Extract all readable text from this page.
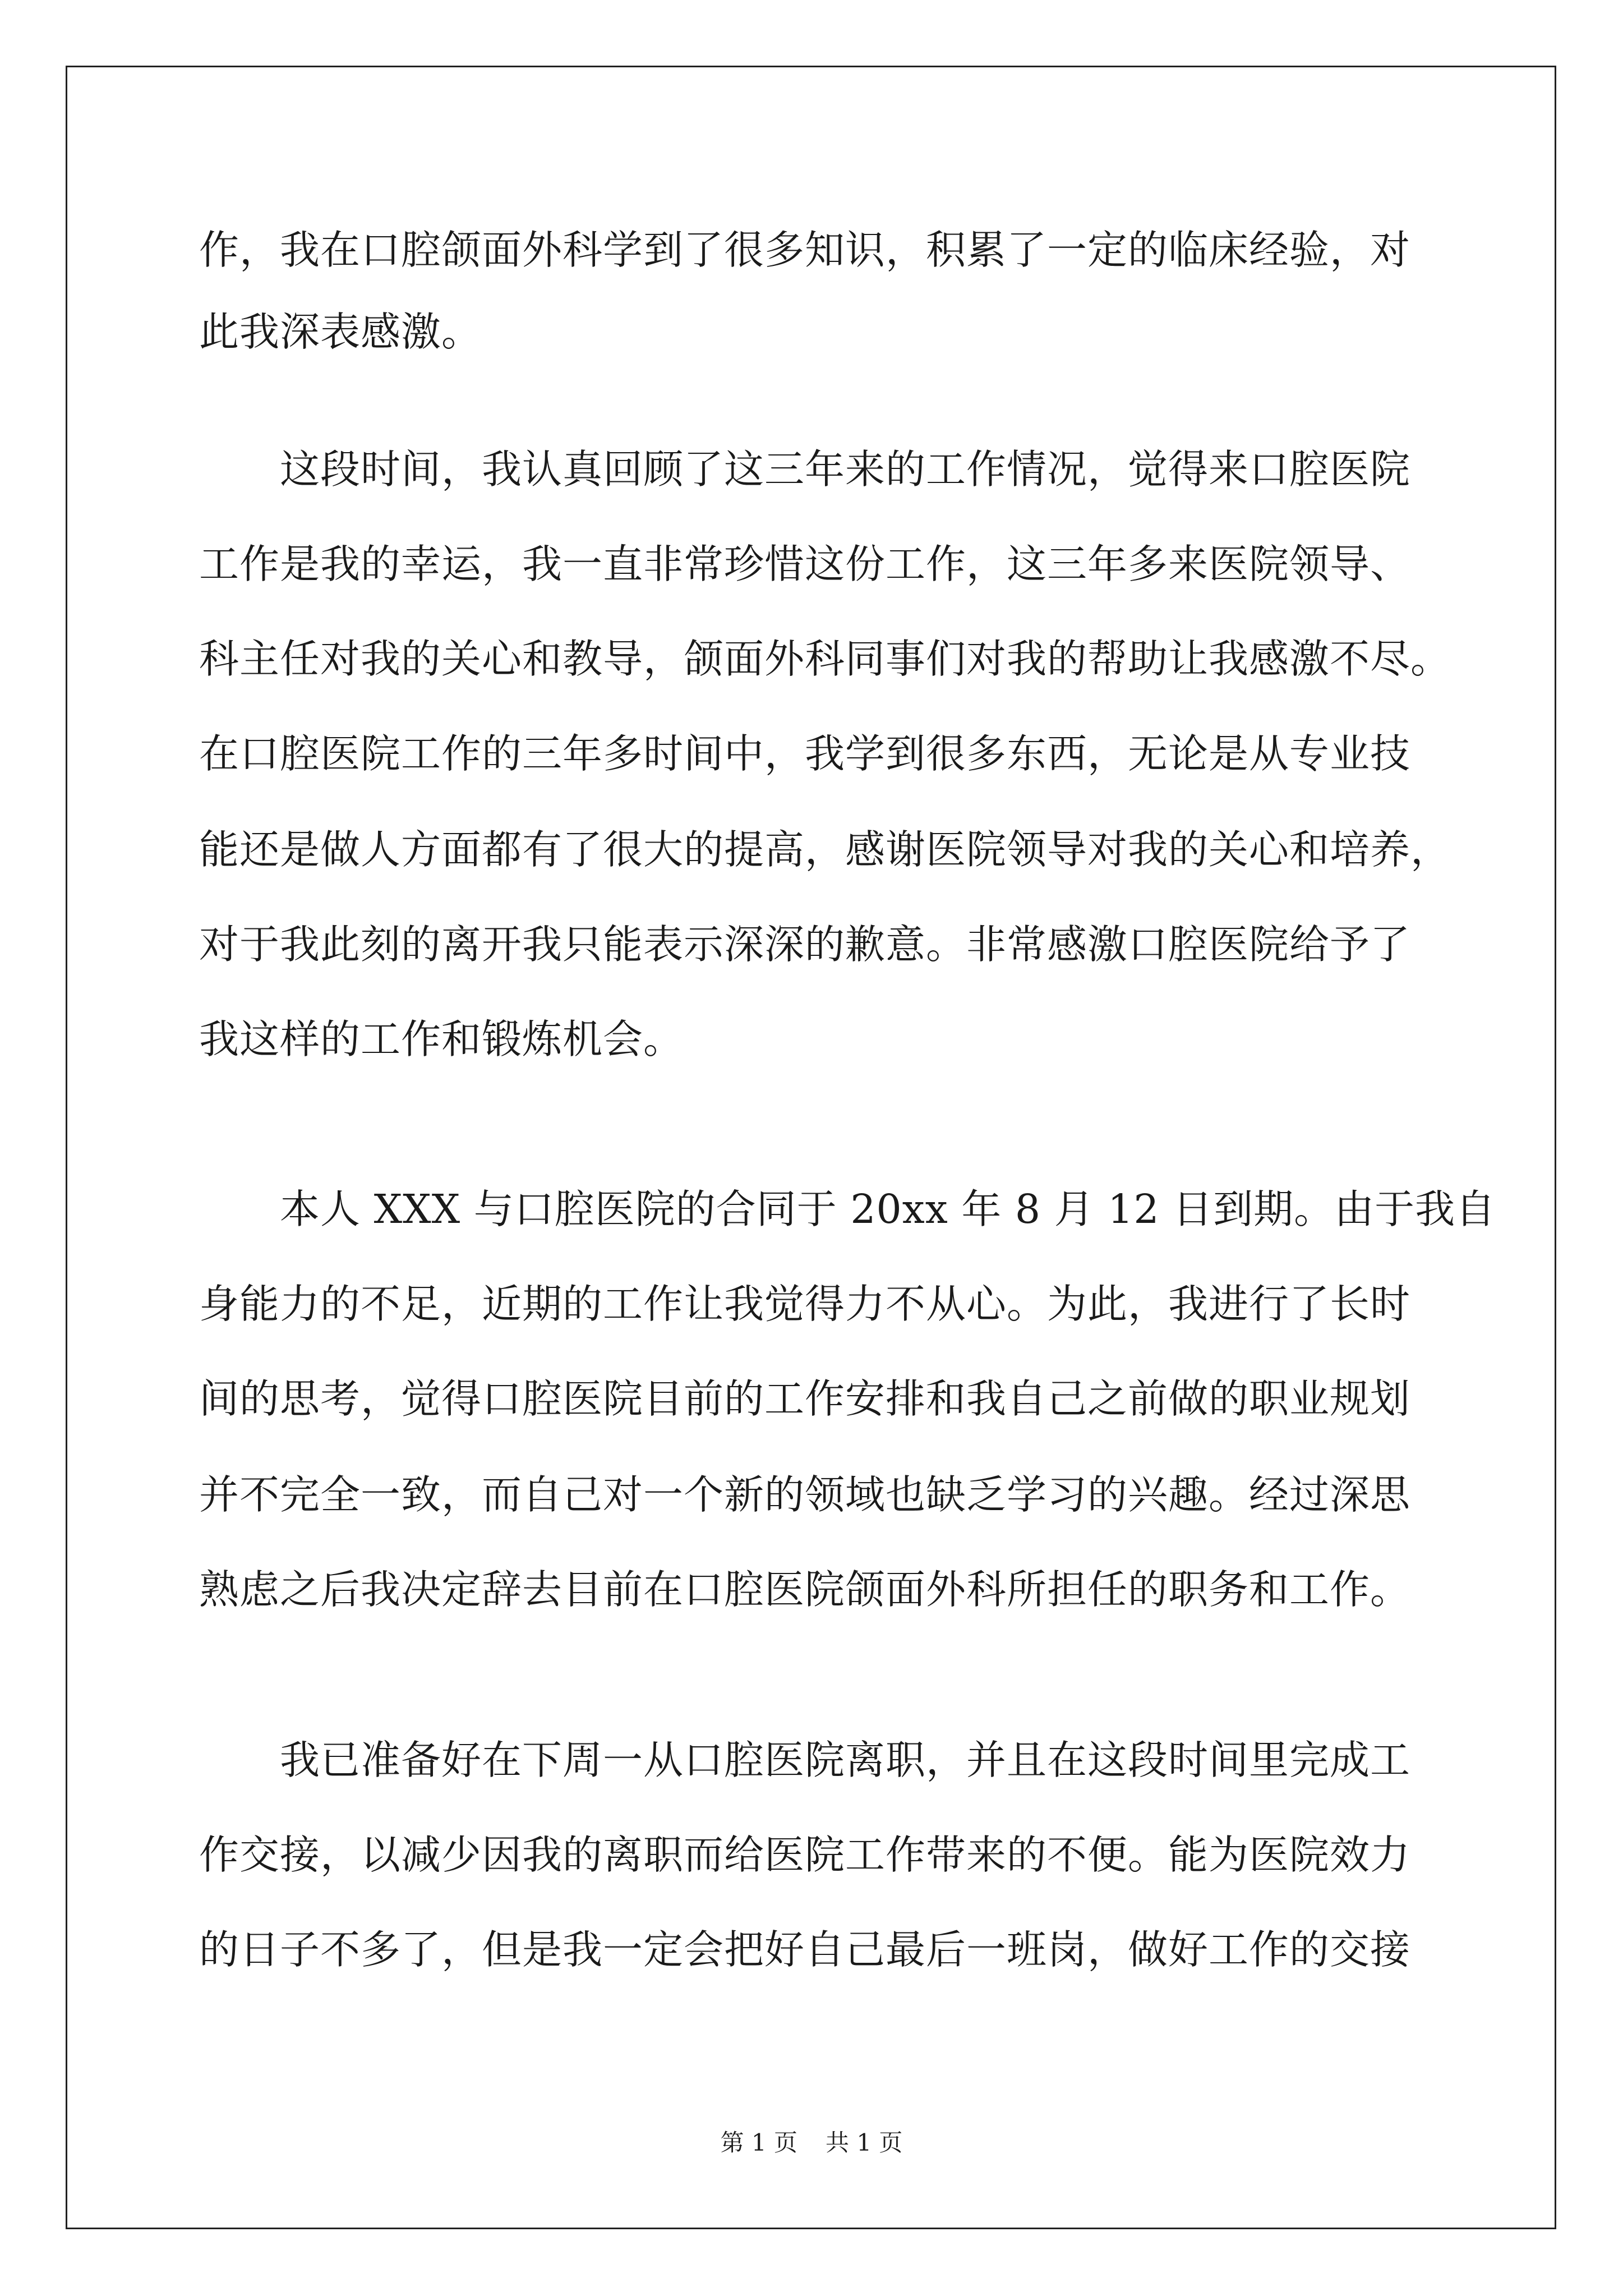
作，我在口腔颌面外科学到了很多知识，积累了一定的临床经验，对
此我深表感激。
　　这段时间，我认真回顾了这三年来的工作情况，觉得来口腔医院
工作是我的幸运，我一直非常珍惜这份工作，这三年多来医院领导、
科主任对我的关心和教导，颌面外科同事们对我的帮助让我感激不尽。
在口腔医院工作的三年多时间中，我学到很多东西，无论是从专业技
能还是做人方面都有了很大的提高，感谢医院领导对我的关心和培养，
对于我此刻的离开我只能表示深深的歉意。非常感激口腔医院给予了
我这样的工作和锻炼机会。
　　本人 XXX 与口腔医院的合同于 20xx 年 8 月 12 日到期。由于我自
身能力的不足，近期的工作让我觉得力不从心。为此，我进行了长时
间的思考，觉得口腔医院目前的工作安排和我自己之前做的职业规划
并不完全一致，而自己对一个新的领域也缺乏学习的兴趣。经过深思
熟虑之后我决定辞去目前在口腔医院颌面外科所担任的职务和工作。
　　我已准备好在下周一从口腔医院离职，并且在这段时间里完成工
作交接，以减少因我的离职而给医院工作带来的不便。能为医院效力
的日子不多了，但是我一定会把好自己最后一班岗，做好工作的交接
第 1 页 共 1 页
